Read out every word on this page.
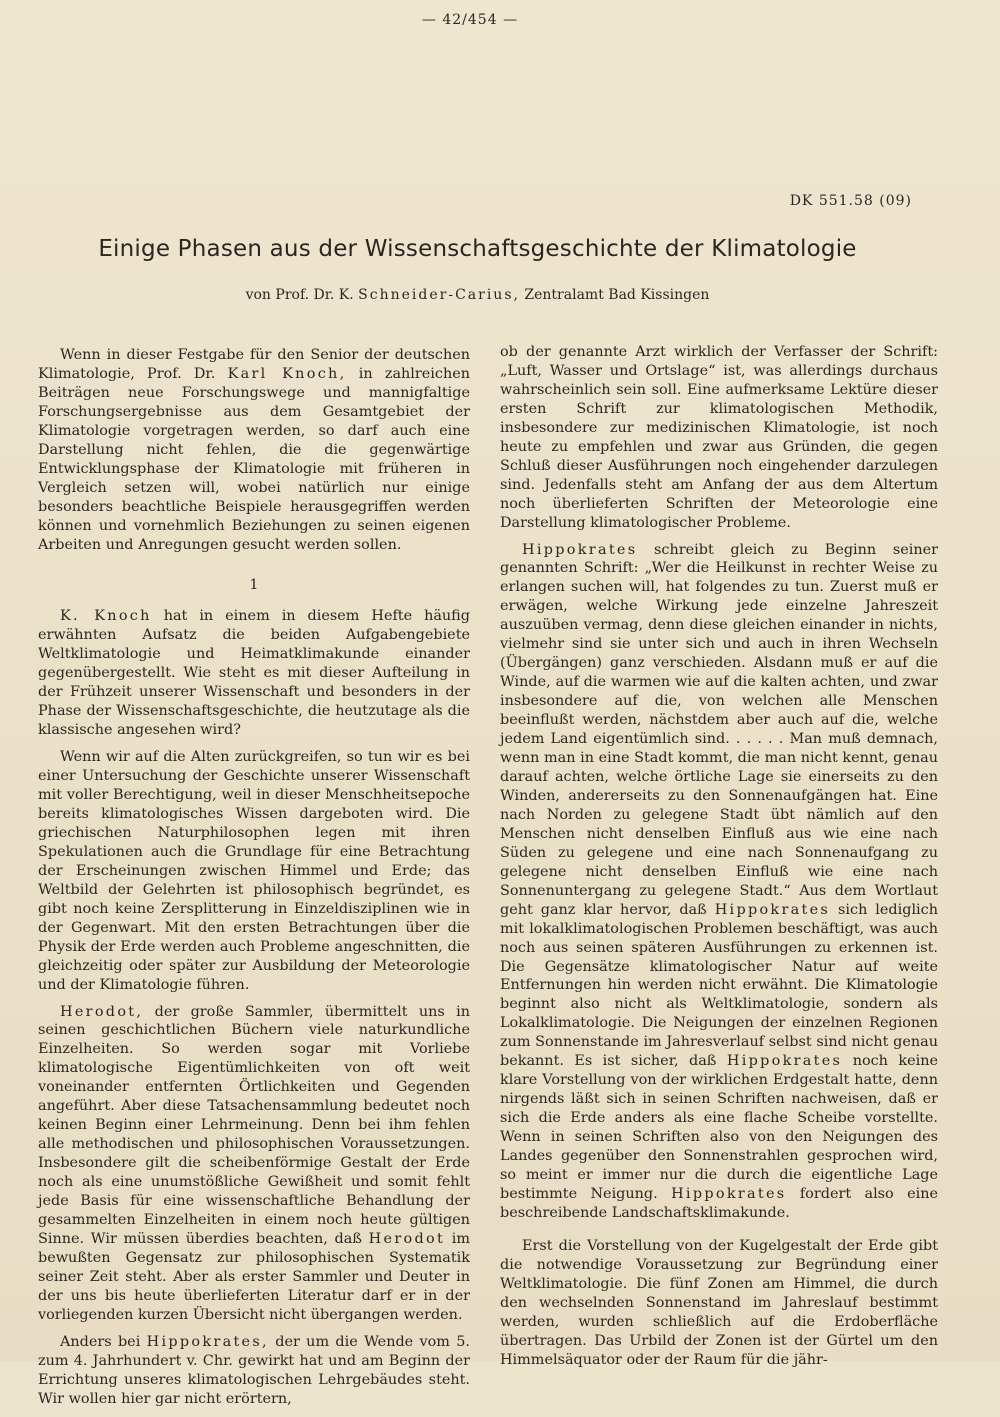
— 42/454 —
DK 551.58 (09)
Einige Phasen aus der Wissenschaftsgeschichte der Klimatologie
von Prof. Dr. K. Schneider-Carius, Zentralamt Bad Kissingen

Wenn in dieser Festgabe für den Senior der deutschen Klimatologie, Prof. Dr. Karl Knoch, in zahlreichen Beiträgen neue Forschungswege und mannigfaltige Forschungsergebnisse aus dem Gesamtgebiet der Klimatologie vorgetragen werden, so darf auch eine Darstellung nicht fehlen, die die gegenwärtige Entwicklungsphase der Klimatologie mit früheren in Vergleich setzen will, wobei natürlich nur einige besonders beachtliche Beispiele herausgegriffen werden können und vornehmlich Beziehungen zu seinen eigenen Arbeiten und Anregungen gesucht werden sollen.

1

K. Knoch hat in einem in diesem Hefte häufig erwähnten Aufsatz die beiden Aufgabengebiete Weltklimatologie und Heimatklimakunde einander gegenübergestellt. Wie steht es mit dieser Aufteilung in der Frühzeit unserer Wissenschaft und besonders in der Phase der Wissenschaftsgeschichte, die heutzutage als die klassische angesehen wird?

Wenn wir auf die Alten zurückgreifen, so tun wir es bei einer Untersuchung der Geschichte unserer Wissenschaft mit voller Berechtigung, weil in dieser Menschheitsepoche bereits klimatologisches Wissen dargeboten wird. Die griechischen Naturphilosophen legen mit ihren Spekulationen auch die Grundlage für eine Betrachtung der Erscheinungen zwischen Himmel und Erde; das Weltbild der Gelehrten ist philosophisch begründet, es gibt noch keine Zersplitterung in Einzeldisziplinen wie in der Gegenwart. Mit den ersten Betrachtungen über die Physik der Erde werden auch Probleme angeschnitten, die gleichzeitig oder später zur Ausbildung der Meteorologie und der Klimatologie führen.

Herodot, der große Sammler, übermittelt uns in seinen geschichtlichen Büchern viele naturkundliche Einzelheiten. So werden sogar mit Vorliebe klimatologische Eigentümlichkeiten von oft weit voneinander entfernten Örtlichkeiten und Gegenden angeführt. Aber diese Tatsachensammlung bedeutet noch keinen Beginn einer Lehrmeinung. Denn bei ihm fehlen alle methodischen und philosophischen Voraussetzungen. Insbesondere gilt die scheibenförmige Gestalt der Erde noch als eine unumstößliche Gewißheit und somit fehlt jede Basis für eine wissenschaftliche Behandlung der gesammelten Einzelheiten in einem noch heute gültigen Sinne. Wir müssen überdies beachten, daß Herodot im bewußten Gegensatz zur philosophischen Systematik seiner Zeit steht. Aber als erster Sammler und Deuter in der uns bis heute überlieferten Literatur darf er in der vorliegenden kurzen Übersicht nicht übergangen werden.

Anders bei Hippokrates, der um die Wende vom 5. zum 4. Jahrhundert v. Chr. gewirkt hat und am Beginn der Errichtung unseres klimatologischen Lehrgebäudes steht. Wir wollen hier gar nicht erörtern,

ob der genannte Arzt wirklich der Verfasser der Schrift: „Luft, Wasser und Ortslage“ ist, was allerdings durchaus wahrscheinlich sein soll. Eine aufmerksame Lektüre dieser ersten Schrift zur klimatologischen Methodik, insbesondere zur medizinischen Klimatologie, ist noch heute zu empfehlen und zwar aus Gründen, die gegen Schluß dieser Ausführungen noch eingehender darzulegen sind. Jedenfalls steht am Anfang der aus dem Altertum noch überlieferten Schriften der Meteorologie eine Darstellung klimatologischer Probleme.

Hippokrates schreibt gleich zu Beginn seiner genannten Schrift: „Wer die Heilkunst in rechter Weise zu erlangen suchen will, hat folgendes zu tun. Zuerst muß er erwägen, welche Wirkung jede einzelne Jahreszeit auszuüben vermag, denn diese gleichen einander in nichts, vielmehr sind sie unter sich und auch in ihren Wechseln (Übergängen) ganz verschieden. Alsdann muß er auf die Winde, auf die warmen wie auf die kalten achten, und zwar insbesondere auf die, von welchen alle Menschen beeinflußt werden, nächstdem aber auch auf die, welche jedem Land eigentümlich sind. . . . . . Man muß demnach, wenn man in eine Stadt kommt, die man nicht kennt, genau darauf achten, welche örtliche Lage sie einerseits zu den Winden, andererseits zu den Sonnenaufgängen hat. Eine nach Norden zu gelegene Stadt übt nämlich auf den Menschen nicht denselben Einfluß aus wie eine nach Süden zu gelegene und eine nach Sonnenaufgang zu gelegene nicht denselben Einfluß wie eine nach Sonnenuntergang zu gelegene Stadt.“ Aus dem Wortlaut geht ganz klar hervor, daß Hippokrates sich lediglich mit lokalklimatologischen Problemen beschäftigt, was auch noch aus seinen späteren Ausführungen zu erkennen ist. Die Gegensätze klimatologischer Natur auf weite Entfernungen hin werden nicht erwähnt. Die Klimatologie beginnt also nicht als Weltklimatologie, sondern als Lokalklimatologie. Die Neigungen der einzelnen Regionen zum Sonnenstande im Jahresverlauf selbst sind nicht genau bekannt. Es ist sicher, daß Hippokrates noch keine klare Vorstellung von der wirklichen Erdgestalt hatte, denn nirgends läßt sich in seinen Schriften nachweisen, daß er sich die Erde anders als eine flache Scheibe vorstellte. Wenn in seinen Schriften also von den Neigungen des Landes gegenüber den Sonnenstrahlen gesprochen wird, so meint er immer nur die durch die eigentliche Lage bestimmte Neigung. Hippokrates fordert also eine beschreibende Landschaftsklimakunde.

Erst die Vorstellung von der Kugelgestalt der Erde gibt die notwendige Voraussetzung zur Begründung einer Weltklimatologie. Die fünf Zonen am Himmel, die durch den wechselnden Sonnenstand im Jahreslauf bestimmt werden, wurden schließlich auf die Erdoberfläche übertragen. Das Urbild der Zonen ist der Gürtel um den Himmelsäquator oder der Raum für die jähr-
